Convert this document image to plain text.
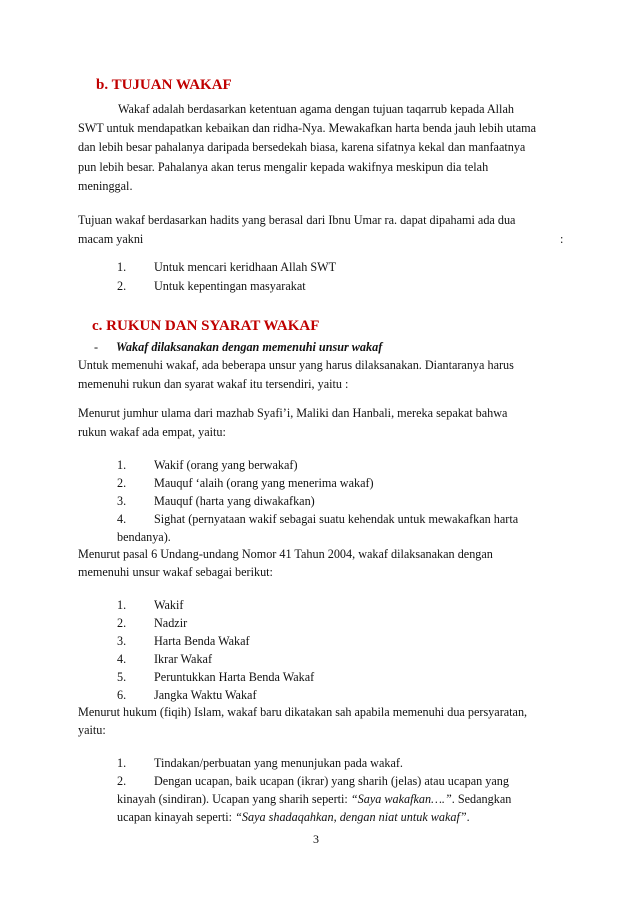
b. TUJUAN WAKAF
Wakaf adalah berdasarkan ketentuan agama dengan tujuan taqarrub kepada Allah
SWT untuk mendapatkan kebaikan dan ridha-Nya. Mewakafkan harta benda jauh lebih utama
dan lebih besar pahalanya daripada bersedekah biasa, karena sifatnya kekal dan manfaatnya
pun lebih besar. Pahalanya akan terus mengalir kepada wakifnya meskipun dia telah
meninggal.
Tujuan wakaf berdasarkan hadits yang berasal dari Ibnu Umar ra. dapat dipahami ada dua
macam yakni	:
1. Untuk mencari keridhaan Allah SWT
2. Untuk kepentingan masyarakat
c. RUKUN DAN SYARAT WAKAF
- Wakaf dilaksanakan dengan memenuhi unsur wakaf
Untuk memenuhi wakaf, ada beberapa unsur yang harus dilaksanakan. Diantaranya harus
memenuhi rukun dan syarat wakaf itu tersendiri, yaitu :
Menurut jumhur ulama dari mazhab Syafi’i, Maliki dan Hanbali, mereka sepakat bahwa
rukun wakaf ada empat, yaitu:
1. Wakif (orang yang berwakaf)
2. Mauquf ‘alaih (orang yang menerima wakaf)
3. Mauquf (harta yang diwakafkan)
4. Sighat (pernyataan wakif sebagai suatu kehendak untuk mewakafkan harta
bendanya).
Menurut pasal 6 Undang-undang Nomor 41 Tahun 2004, wakaf dilaksanakan dengan
memenuhi unsur wakaf sebagai berikut:
1. Wakif
2. Nadzir
3. Harta Benda Wakaf
4. Ikrar Wakaf
5. Peruntukkan Harta Benda Wakaf
6. Jangka Waktu Wakaf
Menurut hukum (fiqih) Islam, wakaf baru dikatakan sah apabila memenuhi dua persyaratan,
yaitu:
1. Tindakan/perbuatan yang menunjukan pada wakaf.
2. Dengan ucapan, baik ucapan (ikrar) yang sharih (jelas) atau ucapan yang
kinayah (sindiran). Ucapan yang sharih seperti: “Saya wakafkan….”. Sedangkan
ucapan kinayah seperti: “Saya shadaqahkan, dengan niat untuk wakaf”.
3
